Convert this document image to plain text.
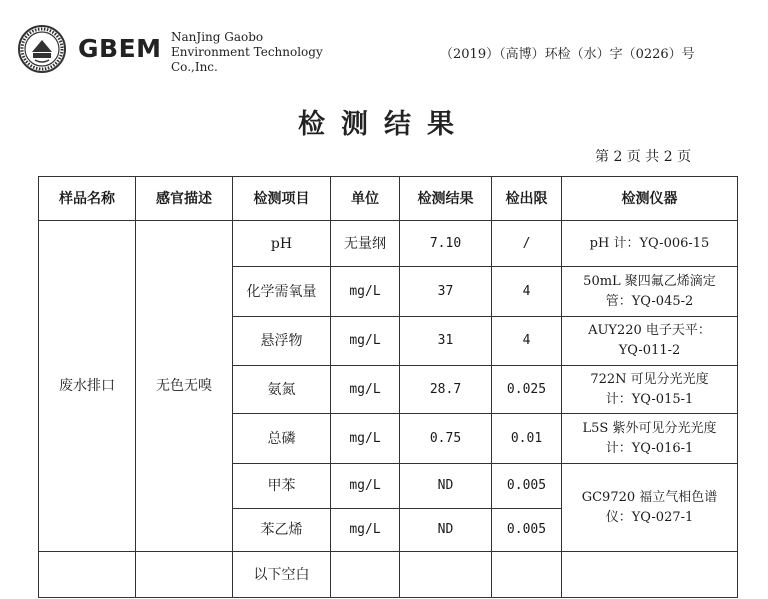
GBEM NanJing Gaobo
Environment Technology
Co.,Inc.
（2019）（高博）环检（水）字（0226）号
检测结果
第 2 页 共 2 页
样品名称	感官描述	检测项目	单位	检测结果	检出限	检测仪器
废水排口	无色无嗅	pH	无量纲	7.10	/	pH 计：YQ-006-15

		化学需氧量	mg/L	37	4	50mL 聚四氟乙烯滴定
管：YQ-045-2

		悬浮物	mg/L	31	4	AUY220 电子天平：
YQ-011-2

		氨氮	mg/L	28.7	0.025	722N 可见分光光度
计：YQ-015-1

		总磷	mg/L	0.75	0.01	L5S 紫外可见分光光度
计：YQ-016-1

		甲苯	mg/L	ND	0.005	GC9720 福立气相色谱
仪：YQ-027-1

		苯乙烯	mg/L	ND	0.005	
		以下空白				
